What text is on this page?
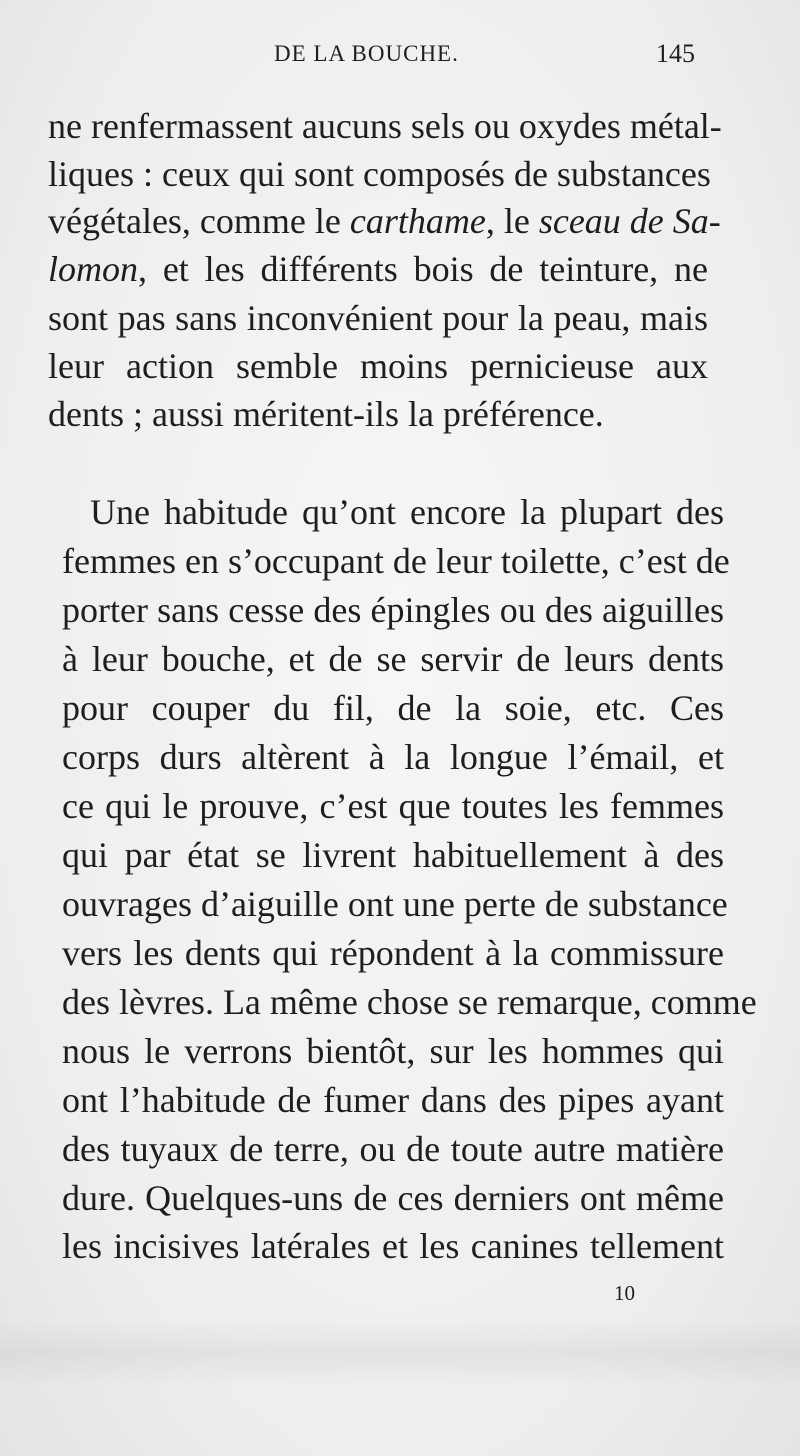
DE LA BOUCHE.	145
ne renfermassent aucuns sels ou oxydes métal-
liques : ceux qui sont composés de substances
végétales, comme le carthame, le sceau de Sa-
lomon, et les différents bois de teinture, ne
sont pas sans inconvénient pour la peau, mais
leur action semble moins pernicieuse aux
dents ; aussi méritent-ils la préférence.
Une habitude qu’ont encore la plupart des
femmes en s’occupant de leur toilette, c’est de
porter sans cesse des épingles ou des aiguilles
à leur bouche, et de se servir de leurs dents
pour couper du fil, de la soie, etc. Ces
corps durs altèrent à la longue l’émail, et
ce qui le prouve, c’est que toutes les femmes
qui par état se livrent habituellement à des
ouvrages d’aiguille ont une perte de substance
vers les dents qui répondent à la commissure
des lèvres. La même chose se remarque, comme
nous le verrons bientôt, sur les hommes qui
ont l’habitude de fumer dans des pipes ayant
des tuyaux de terre, ou de toute autre matière
dure. Quelques-uns de ces derniers ont même
les incisives latérales et les canines tellement
10
